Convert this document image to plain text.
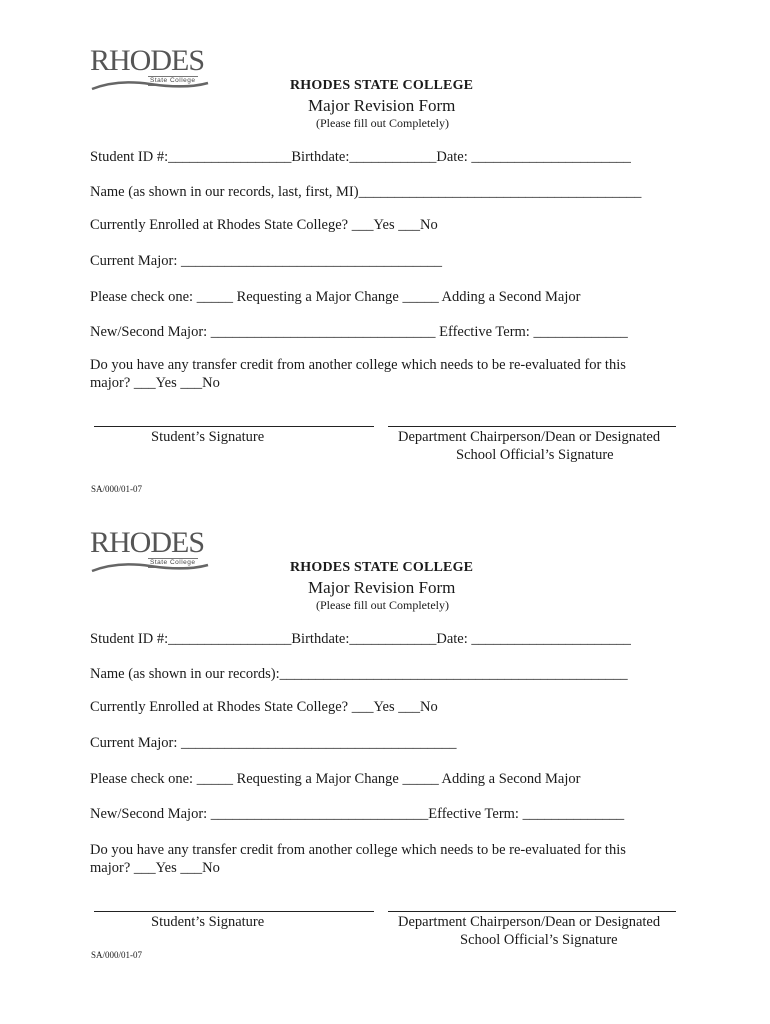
RHODES
State College	RHODES STATE COLLEGE
Major Revision Form
(Please fill out Completely)
Student ID #:_________________Birthdate:____________Date: ______________________
Name (as shown in our records, last, first, MI)_______________________________________
Currently Enrolled at Rhodes State College? ___Yes ___No
Current Major: ____________________________________
Please check one: _____ Requesting a Major Change _____ Adding a Second Major
New/Second Major: _______________________________ Effective Term: _____________
Do you have any transfer credit from another college which needs to be re-evaluated for this
major? ___Yes ___No
Student’s Signature	Department Chairperson/Dean or Designated
School Official’s Signature
SA/000/01-07
RHODES
State College	RHODES STATE COLLEGE
Major Revision Form
(Please fill out Completely)
Student ID #:_________________Birthdate:____________Date: ______________________
Name (as shown in our records):________________________________________________
Currently Enrolled at Rhodes State College? ___Yes ___No
Current Major: ______________________________________
Please check one: _____ Requesting a Major Change _____ Adding a Second Major
New/Second Major: ______________________________Effective Term: ______________
Do you have any transfer credit from another college which needs to be re-evaluated for this
major? ___Yes ___No
Student’s Signature	Department Chairperson/Dean or Designated
School Official’s Signature
SA/000/01-07
